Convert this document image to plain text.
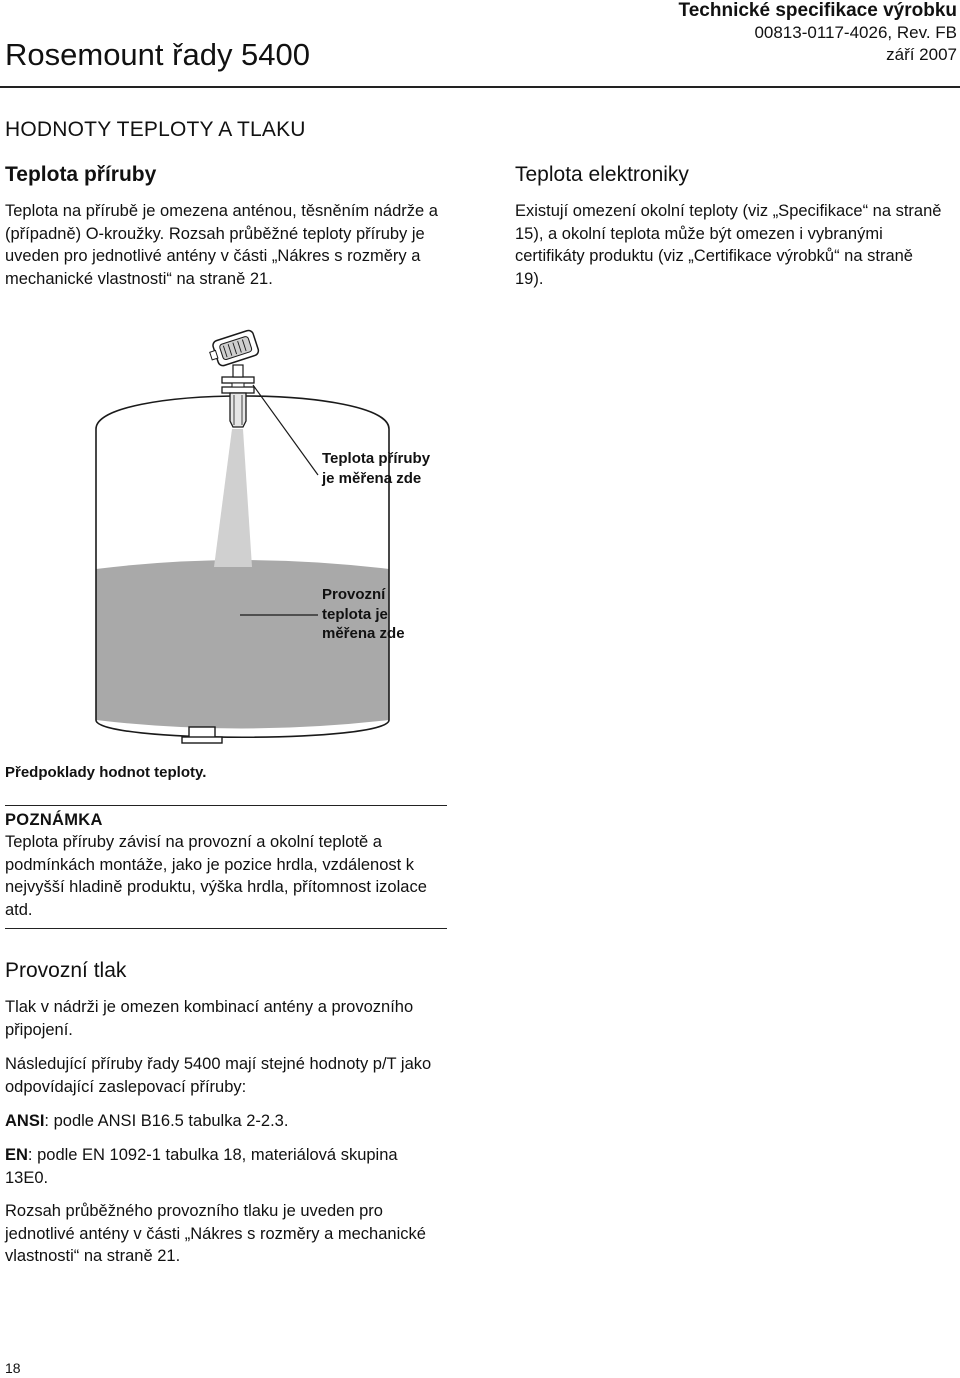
Rosemount řady 5400
Technické specifikace výrobku
00813-0117-4026, Rev. FB
září 2007
HODNOTY TEPLOTY A TLAKU
Teplota příruby
Teplota na přírubě je omezena anténou, těsněním nádrže a (případně) O-kroužky. Rozsah průběžné teploty příruby je uveden pro jednotlivé antény v části „Nákres s rozměry a mechanické vlastnosti“ na straně 21.
Teplota elektroniky
Existují omezení okolní teploty (viz „Specifikace“ na straně 15), a okolní teplota může být omezen i vybranými certifikáty produktu (viz „Certifikace výrobků“ na straně 19).
Teplota příruby
je měřena zde
Provozní
teplota je
měřena zde
Předpoklady hodnot teploty.
POZNÁMKA
Teplota příruby závisí na provozní a okolní teplotě a podmínkách montáže, jako je pozice hrdla, vzdálenost k nejvyšší hladině produktu, výška hrdla, přítomnost izolace atd.
Provozní tlak
Tlak v nádrži je omezen kombinací antény a provozního připojení.
Následující příruby řady 5400 mají stejné hodnoty p/T jako odpovídající zaslepovací příruby:
ANSI: podle ANSI B16.5 tabulka 2-2.3.
EN: podle EN 1092-1 tabulka 18, materiálová skupina 13E0.
Rozsah průběžného provozního tlaku je uveden pro jednotlivé antény v části „Nákres s rozměry a mechanické vlastnosti“ na straně 21.
18
